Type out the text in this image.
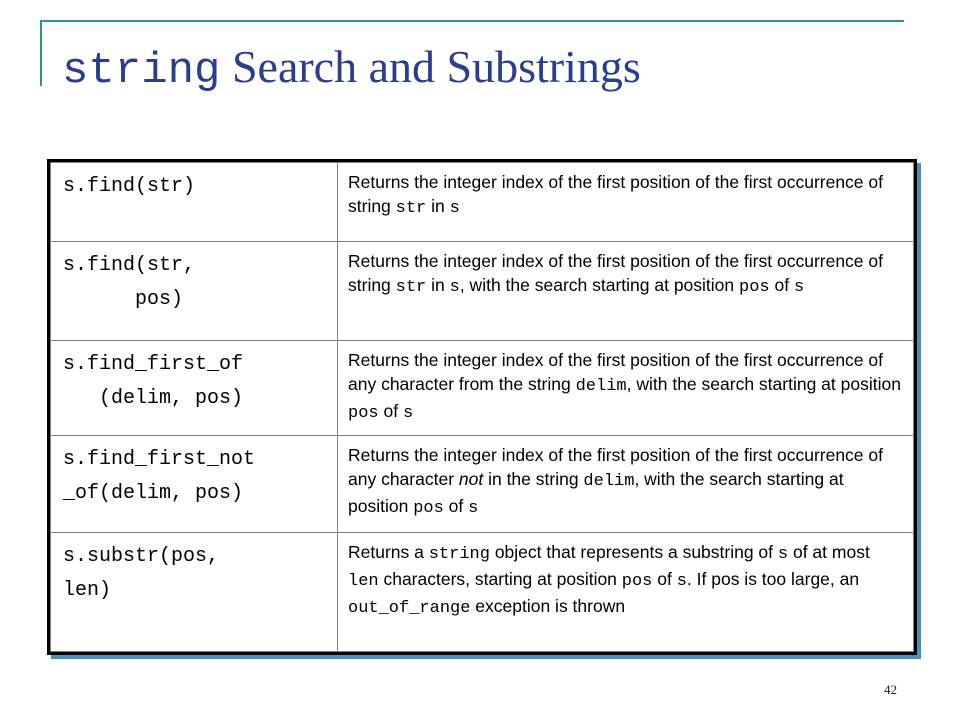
string Search and Substrings
s.find(str)	Returns the integer index of the first position of the first occurrence of string str in s
s.find(str,
pos)	Returns the integer index of the first position of the first occurrence of string str in s, with the search starting at position pos of s
s.find_first_of
(delim, pos)	Returns the integer index of the first position of the first occurrence of any character from the string delim, with the search starting at position pos of s
s.find_first_not
_of(delim, pos)	Returns the integer index of the first position of the first occurrence of any character not in the string delim, with the search starting at position pos of s
s.substr(pos,
len)	Returns a string object that represents a substring of s of at most len characters, starting at position pos of s. If pos is too large, an out_of_range exception is thrown
42
